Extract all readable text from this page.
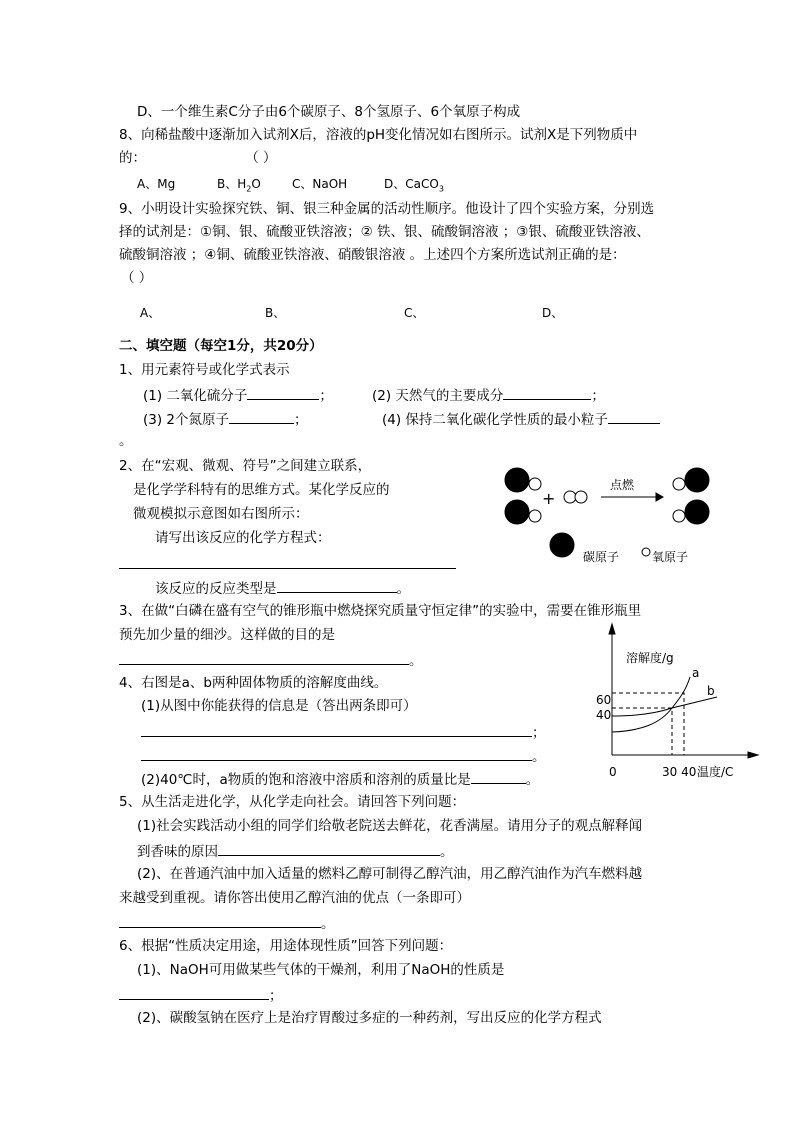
D、一个维生素C分子由6个碳原子、8个氢原子、6个氧原子构成
8、向稀盐酸中逐渐加入试剂X后，溶液的pH变化情况如右图所示。试剂X是下列物质中
的：	（ ）
A、Mg	B、$H_2O$	C、NaOH	D、CaCO$_3$
9、小明设计实验探究铁、铜、银三种金属的活动性顺序。他设计了四个实验方案，分别选
择的试剂是：①铜、银、硫酸亚铁溶液；② 铁、银、硫酸铜溶液 ；③银、硫酸亚铁溶液、
硫酸铜溶液 ；④铜、硫酸亚铁溶液、硝酸银溶液 。上述四个方案所选试剂正确的是：
（ ）
A、	B、	C、	D、
二、填空题（每空1分，共20分）
1、用元素符号或化学式表示
(1) 二氧化硫分子	；	(2) 天然气的主要成分	；
(3) 2个氮原子	；	(4) 保持二氧化碳化学性质的最小粒子
。
2、在“宏观、微观、符号”之间建立联系，
是化学学科特有的思维方式。某化学反应的
微观模拟示意图如右图所示：
请写出该反应的化学方程式：
该反应的反应类型是	。
+
点燃
碳原子	氧原子
溶解度/g
a
b
60
40
0	30 40 温度/C
3、在做“白磷在盛有空气的锥形瓶中燃烧探究质量守恒定律”的实验中，需要在锥形瓶里
预先加少量的细沙。这样做的目的是
。
4、右图是a、b两种固体物质的溶解度曲线。
(1)从图中你能获得的信息是（答出两条即可）
；
。
(2)40℃时，a物质的饱和溶液中溶质和溶剂的质量比是	。
5、从生活走进化学，从化学走向社会。请回答下列问题：
(1)社会实践活动小组的同学们给敬老院送去鲜花，花香满屋。请用分子的观点解释闻
到香味的原因	。
(2)、在普通汽油中加入适量的燃料乙醇可制得乙醇汽油，用乙醇汽油作为汽车燃料越
来越受到重视。请你答出使用乙醇汽油的优点（一条即可）
。
6、根据“性质决定用途，用途体现性质”回答下列问题：
(1)、NaOH可用做某些气体的干燥剂，利用了NaOH的性质是
；
(2)、碳酸氢钠在医疗上是治疗胃酸过多症的一种药剂，写出反应的化学方程式
